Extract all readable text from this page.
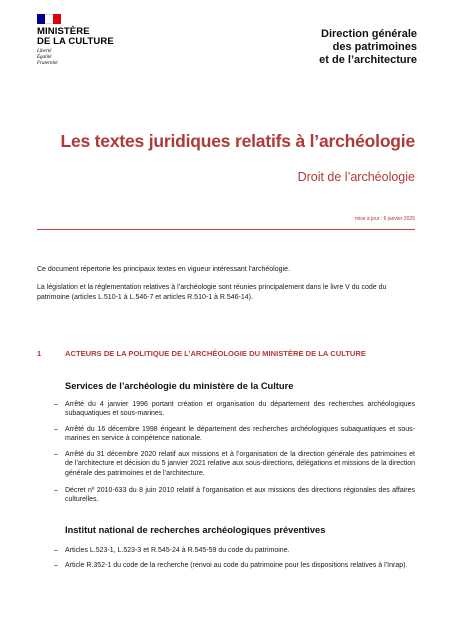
MINISTÈRE
DE LA CULTURE
Liberté
Égalité
Fraternité
Direction générale
des patrimoines
et de l’architecture
Les textes juridiques relatifs à l’archéologie
Droit de l’archéologie
mise à jour : 6 janvier 2025
Ce document répertorie les principaux textes en vigueur intéressant l’archéologie.
La législation et la réglementation relatives à l’archéologie sont réunies principalement dans le livre V du code du patrimoine (articles L.510-1 à L.546-7 et articles R.510-1 à R.546-14).
1	ACTEURS DE LA POLITIQUE DE L’ARCHÉOLOGIE DU MINISTÈRE DE LA CULTURE
Services de l’archéologie du ministère de la Culture
–	Arrêté du 4 janvier 1996 portant création et organisation du département des recherches archéologiques subaquatiques et sous-marines.
–	Arrêté du 16 décembre 1998 érigeant le département des recherches archéologiques subaquatiques et sous-marines en service à compétence nationale.
–	Arrêté du 31 décembre 2020 relatif aux missions et à l’organisation de la direction générale des patrimoines et de l’architecture et décision du 5 janvier 2021 relative aux sous-directions, délégations et missions de la direction générale des patrimoines et de l’architecture.
–	Décret nº 2010-633 du 8 juin 2010 relatif à l’organisation et aux missions des directions régionales des affaires culturelles.
Institut national de recherches archéologiques préventives
–	Articles L.523-1, L.523-3 et R.545-24 à R.545-59 du code du patrimoine.
–	Article R.352-1 du code de la recherche (renvoi au code du patrimoine pour les dispositions relatives à l’Inrap).
